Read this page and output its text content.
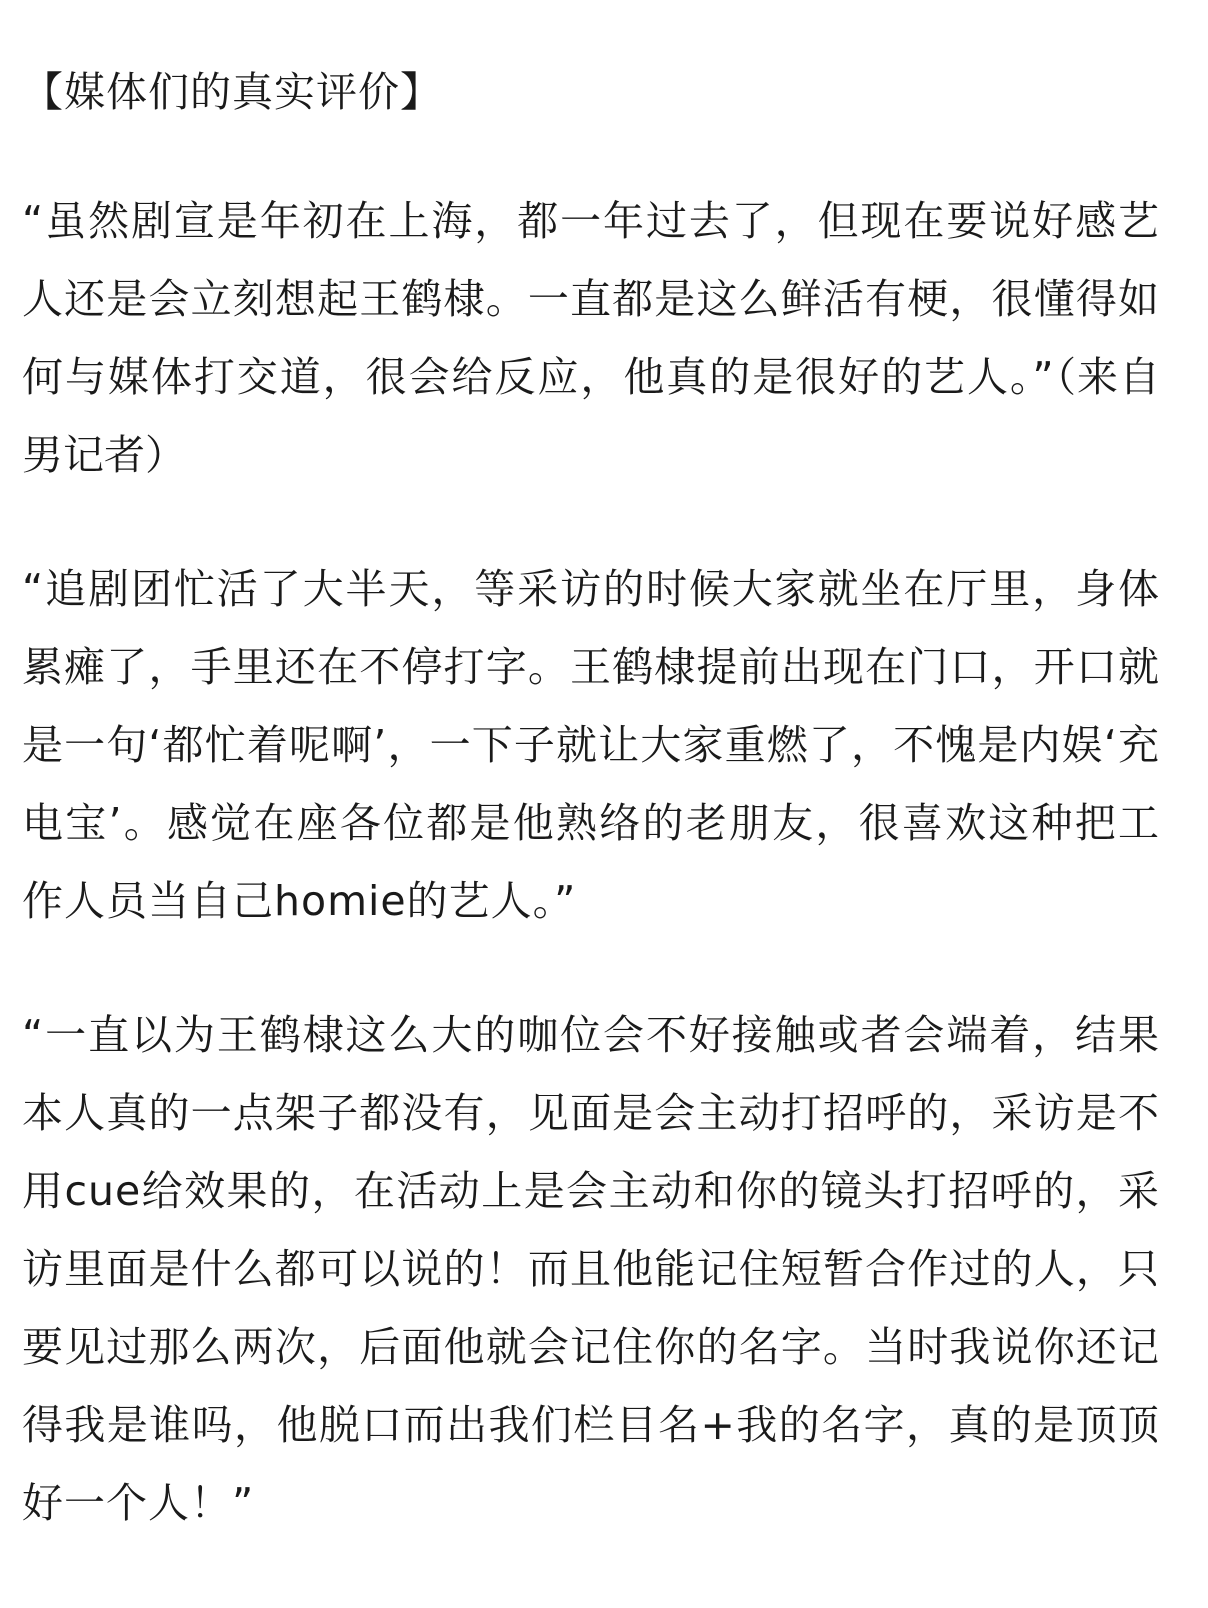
【媒体们的真实评价】

“虽然剧宣是年初在上海，都一年过去了，但现在要说好感艺人还是会立刻想起王鹤棣。一直都是这么鲜活有梗，很懂得如何与媒体打交道，很会给反应，他真的是很好的艺人。”（来自男记者）

“追剧团忙活了大半天，等采访的时候大家就坐在厅里，身体累瘫了，手里还在不停打字。王鹤棣提前出现在门口，开口就是一句‘都忙着呢啊’，一下子就让大家重燃了，不愧是内娱‘充电宝’。感觉在座各位都是他熟络的老朋友，很喜欢这种把工作人员当自己homie的艺人。”

“一直以为王鹤棣这么大的咖位会不好接触或者会端着，结果本人真的一点架子都没有，见面是会主动打招呼的，采访是不用cue给效果的，在活动上是会主动和你的镜头打招呼的，采访里面是什么都可以说的！而且他能记住短暂合作过的人，只要见过那么两次，后面他就会记住你的名字。当时我说你还记得我是谁吗，他脱口而出我们栏目名+我的名字，真的是顶顶好一个人！”
